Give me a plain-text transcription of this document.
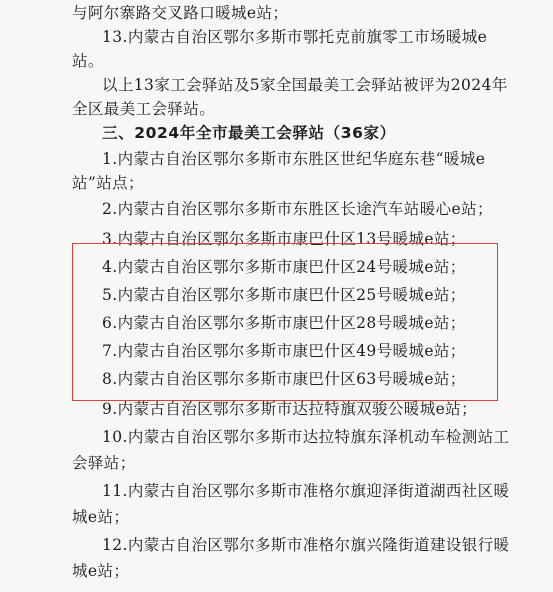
与阿尔寨路交叉路口暖城e站；
13.内蒙古自治区鄂尔多斯市鄂托克前旗零工市场暖城e
站。
以上13家工会驿站及5家全国最美工会驿站被评为2024年
全区最美工会驿站。
三、2024年全市最美工会驿站（36家）
1.内蒙古自治区鄂尔多斯市东胜区世纪华庭东巷“暖城e
站”站点；
2.内蒙古自治区鄂尔多斯市东胜区长途汽车站暖心e站；
3.内蒙古自治区鄂尔多斯市康巴什区13号暖城e站；
4.内蒙古自治区鄂尔多斯市康巴什区24号暖城e站；
5.内蒙古自治区鄂尔多斯市康巴什区25号暖城e站；
6.内蒙古自治区鄂尔多斯市康巴什区28号暖城e站；
7.内蒙古自治区鄂尔多斯市康巴什区49号暖城e站；
8.内蒙古自治区鄂尔多斯市康巴什区63号暖城e站；
9.内蒙古自治区鄂尔多斯市达拉特旗双骏公暖城e站；
10.内蒙古自治区鄂尔多斯市达拉特旗东泽机动车检测站工
会驿站；
11.内蒙古自治区鄂尔多斯市准格尔旗迎泽街道湖西社区暖
城e站；
12.内蒙古自治区鄂尔多斯市准格尔旗兴隆街道建设银行暖
城e站；
